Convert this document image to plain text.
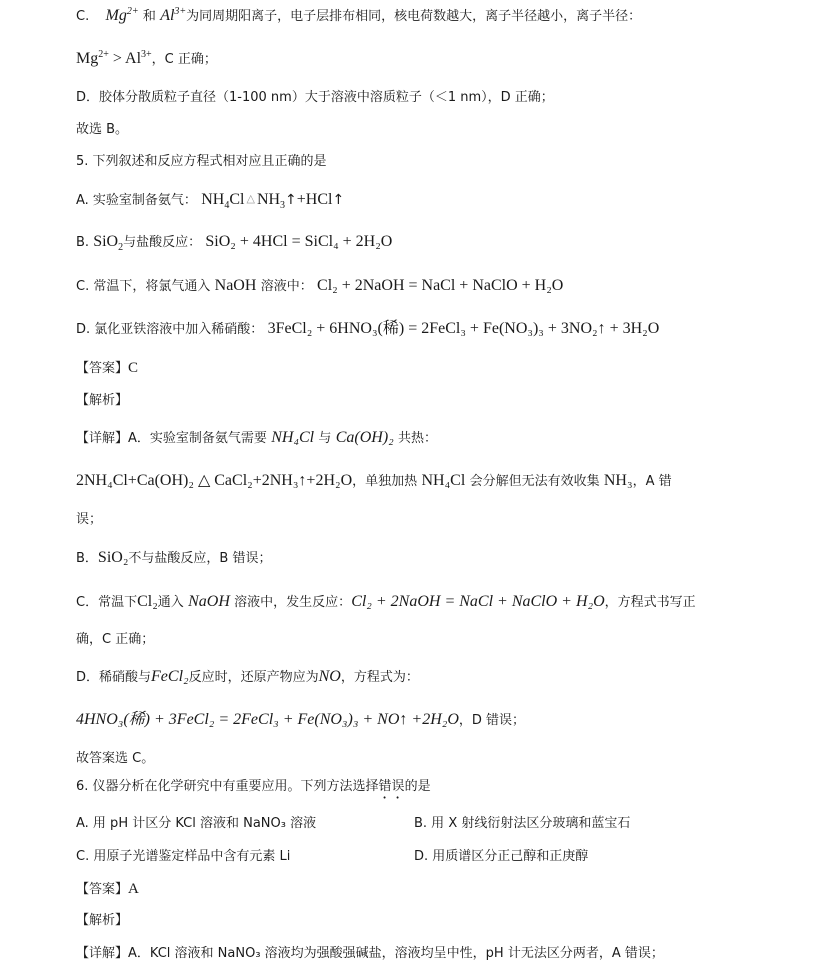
C. $Mg^{2+}$ 和 $Al^{3+}$为同周期阳离子，电子层排布相同，核电荷数越大，离子半径越小，离子半径：
$Mg^{2+} > Al^{3+}$，C 正确；
D．胶体分散质粒子直径（1-100 nm）大于溶液中溶质粒子（＜1 nm），D 正确；
故选 B。
5. 下列叙述和反应方程式相对应且正确的是
A. 实验室制备氨气： $NH_4Cl$ △ $NH_3↑+HCl↑$
B. SiO$_2$与盐酸反应： SiO₂ + 4HCl = SiCl₄ + 2H₂O
C. 常温下，将氯气通入 NaOH 溶液中： Cl₂ + 2NaOH = NaCl + NaClO + H₂O
D. 氯化亚铁溶液中加入稀硝酸： 3FeCl₂ + 6HNO₃(稀) = 2FeCl₃ + Fe(NO₃)₃ + 3NO₂↑ + 3H₂O
【答案】C
【解析】
【详解】A．实验室制备氨气需要 NH₄Cl 与 Ca(OH)₂ 共热：
2NH₄Cl+Ca(OH)₂ △ CaCl₂+2NH₃↑+2H₂O，单独加热 NH₄Cl 会分解但无法有效收集 NH₃，A 错
误；
B．SiO₂不与盐酸反应，B 错误；
C．常温下Cl₂通入 NaOH 溶液中，发生反应：Cl₂ + 2NaOH = NaCl + NaClO + H₂O，方程式书写正
确，C 正确；
D．稀硝酸与FeCl₂反应时，还原产物应为NO，方程式为：
4HNO₃(稀) + 3FeCl₂ = 2FeCl₃ + Fe(NO₃)₃ + NO↑ +2H₂O，D 错误；
故答案选 C。
6. 仪器分析在化学研究中有重要应用。下列方法选择错误的是
A. 用 pH 计区分 KCl 溶液和 NaNO₃ 溶液	B. 用 X 射线衍射法区分玻璃和蓝宝石
C. 用原子光谱鉴定样品中含有元素 Li	D. 用质谱区分正己醇和正庚醇
【答案】A
【解析】
【详解】A．KCl 溶液和 NaNO₃ 溶液均为强酸强碱盐，溶液均呈中性，pH 计无法区分两者，A 错误；
